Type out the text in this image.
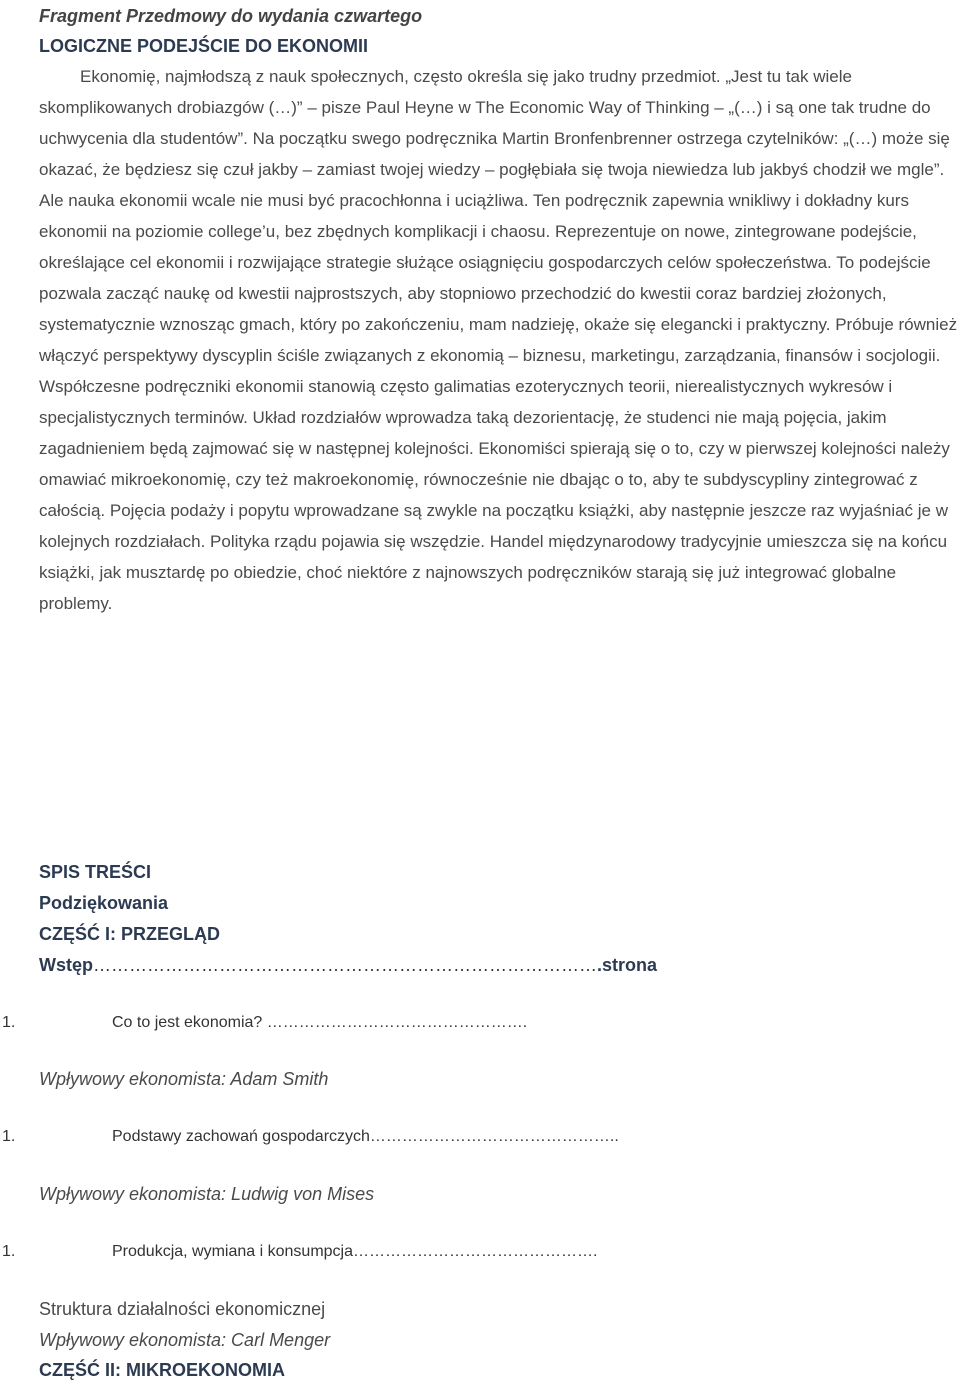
Fragment Przedmowy do wydania czwartego
LOGICZNE PODEJŚCIE DO EKONOMII

Ekonomię, najmłodszą z nauk społecznych, często określa się jako trudny przedmiot. „Jest tu tak wiele skomplikowanych drobiazgów (…)” – pisze Paul Heyne w The Economic Way of Thinking – „(…) i są one tak trudne do uchwycenia dla studentów”. Na początku swego podręcznika Martin Bronfenbrenner ostrzega czytelników: „(…) może się okazać, że będziesz się czuł jakby – zamiast twojej wiedzy – pogłębiała się twoja niewiedza lub jakbyś chodził we mgle”.

Ale nauka ekonomii wcale nie musi być pracochłonna i uciążliwa. Ten podręcznik zapewnia wnikliwy i dokładny kurs ekonomii na poziomie college’u, bez zbędnych komplikacji i chaosu. Reprezentuje on nowe, zintegrowane podejście, określające cel ekonomii i rozwijające strategie służące osiągnięciu gospodarczych celów społeczeństwa. To podejście pozwala zacząć naukę od kwestii najprostszych, aby stopniowo przechodzić do kwestii coraz bardziej złożonych, systematycznie wznosząc gmach, który po zakończeniu, mam nadzieję, okaże się elegancki i praktyczny. Próbuje również włączyć perspektywy dyscyplin ściśle związanych z ekonomią – biznesu, marketingu, zarządzania, finansów i socjologii.

Współczesne podręczniki ekonomii stanowią często galimatias ezoterycznych teorii, nierealistycznych wykresów i specjalistycznych terminów. Układ rozdziałów wprowadza taką dezorientację, że studenci nie mają pojęcia, jakim zagadnieniem będą zajmować się w następnej kolejności. Ekonomiści spierają się o to, czy w pierwszej kolejności należy omawiać mikroekonomię, czy też makroekonomię, równocześnie nie dbając o to, aby te subdyscypliny zintegrować z całością. Pojęcia podaży i popytu wprowadzane są zwykle na początku książki, aby następnie jeszcze raz wyjaśniać je w kolejnych rozdziałach. Polityka rządu pojawia się wszędzie. Handel międzynarodowy tradycyjnie umieszcza się na końcu książki, jak musztardę po obiedzie, choć niektóre z najnowszych podręczników starają się już integrować globalne problemy.

SPIS TREŚCI
Podziękowania
CZĘŚĆ I: PRZEGLĄD
Wstęp………………………………………………………………………….strona
1.	Co to jest ekonomia? ………………………………………….
Wpływowy ekonomista: Adam Smith
1.	Podstawy zachowań gospodarczych………………………………………..
Wpływowy ekonomista: Ludwig von Mises
1.	Produkcja, wymiana i konsumpcja……………………………………….
Struktura działalności ekonomicznej
Wpływowy ekonomista: Carl Menger
CZĘŚĆ II: MIKROEKONOMIA
